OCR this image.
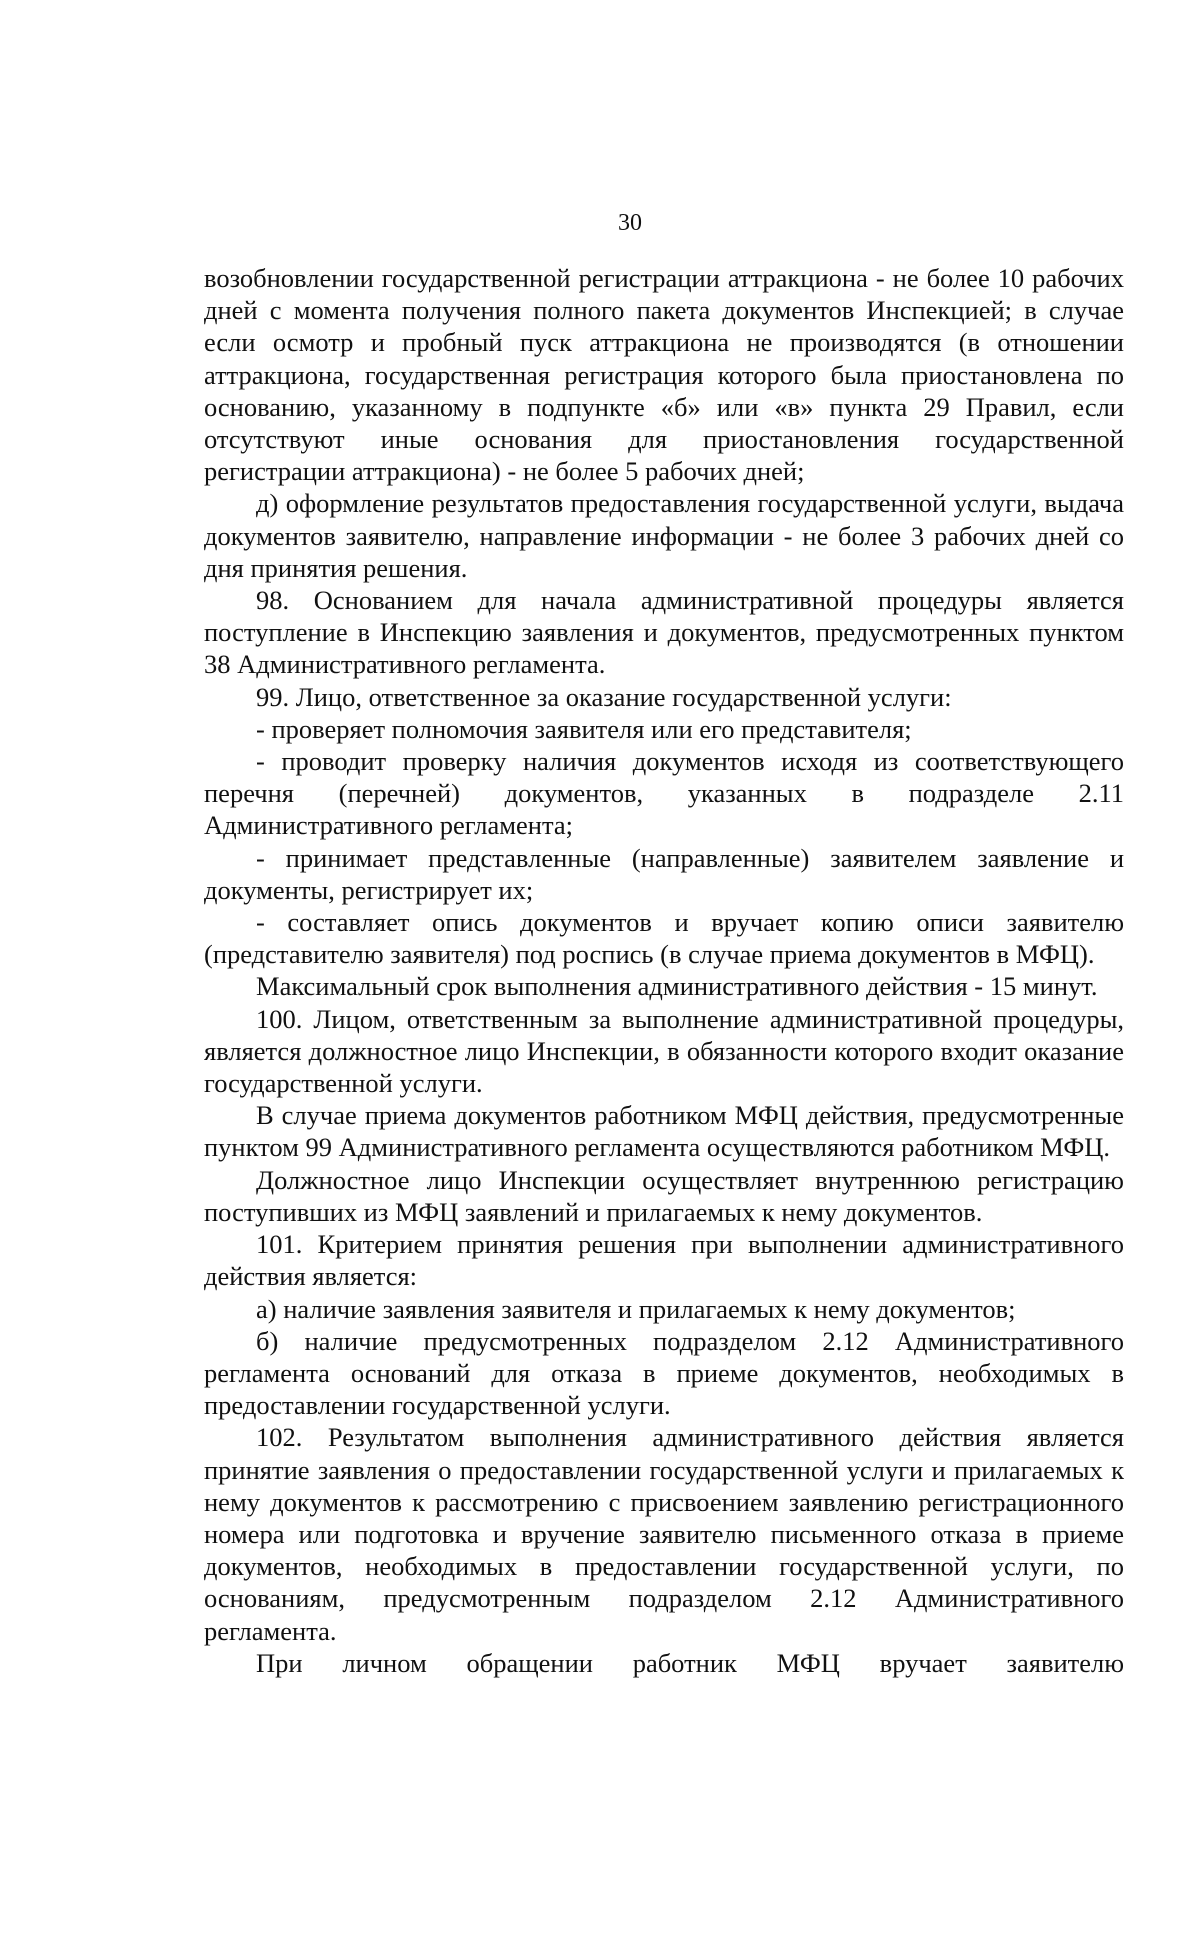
30

возобновлении государственной регистрации аттракциона - не более 10 рабочих дней с момента получения полного пакета документов Инспекцией; в случае если осмотр и пробный пуск аттракциона не производятся (в отношении аттракциона, государственная регистрация которого была приостановлена по основанию, указанному в подпункте «б» или «в» пункта 29 Правил, если отсутствуют иные основания для приостановления государственной регистрации аттракциона) - не более 5 рабочих дней;

д) оформление результатов предоставления государственной услуги, выдача документов заявителю, направление информации - не более 3 рабочих дней со дня принятия решения.

98. Основанием для начала административной процедуры является поступление в Инспекцию заявления и документов, предусмотренных пунктом 38 Административного регламента.

99. Лицо, ответственное за оказание государственной услуги:

- проверяет полномочия заявителя или его представителя;

- проводит проверку наличия документов исходя из соответствующего перечня (перечней) документов, указанных в подразделе 2.11 Административного регламента;

- принимает представленные (направленные) заявителем заявление и документы, регистрирует их;

- составляет опись документов и вручает копию описи заявителю (представителю заявителя) под роспись (в случае приема документов в МФЦ).

Максимальный срок выполнения административного действия - 15 минут.

100. Лицом, ответственным за выполнение административной процедуры, является должностное лицо Инспекции, в обязанности которого входит оказание государственной услуги.

В случае приема документов работником МФЦ действия, предусмотренные пунктом 99 Административного регламента осуществляются работником МФЦ.

Должностное лицо Инспекции осуществляет внутреннюю регистрацию поступивших из МФЦ заявлений и прилагаемых к нему документов.

101. Критерием принятия решения при выполнении административного действия является:

а) наличие заявления заявителя и прилагаемых к нему документов;

б) наличие предусмотренных подразделом 2.12 Административного регламента оснований для отказа в приеме документов, необходимых в предоставлении государственной услуги.

102. Результатом выполнения административного действия является принятие заявления о предоставлении государственной услуги и прилагаемых к нему документов к рассмотрению с присвоением заявлению регистрационного номера или подготовка и вручение заявителю письменного отказа в приеме документов, необходимых в предоставлении государственной услуги, по основаниям, предусмотренным подразделом 2.12 Административного регламента.

При личном обращении работник МФЦ вручает заявителю
